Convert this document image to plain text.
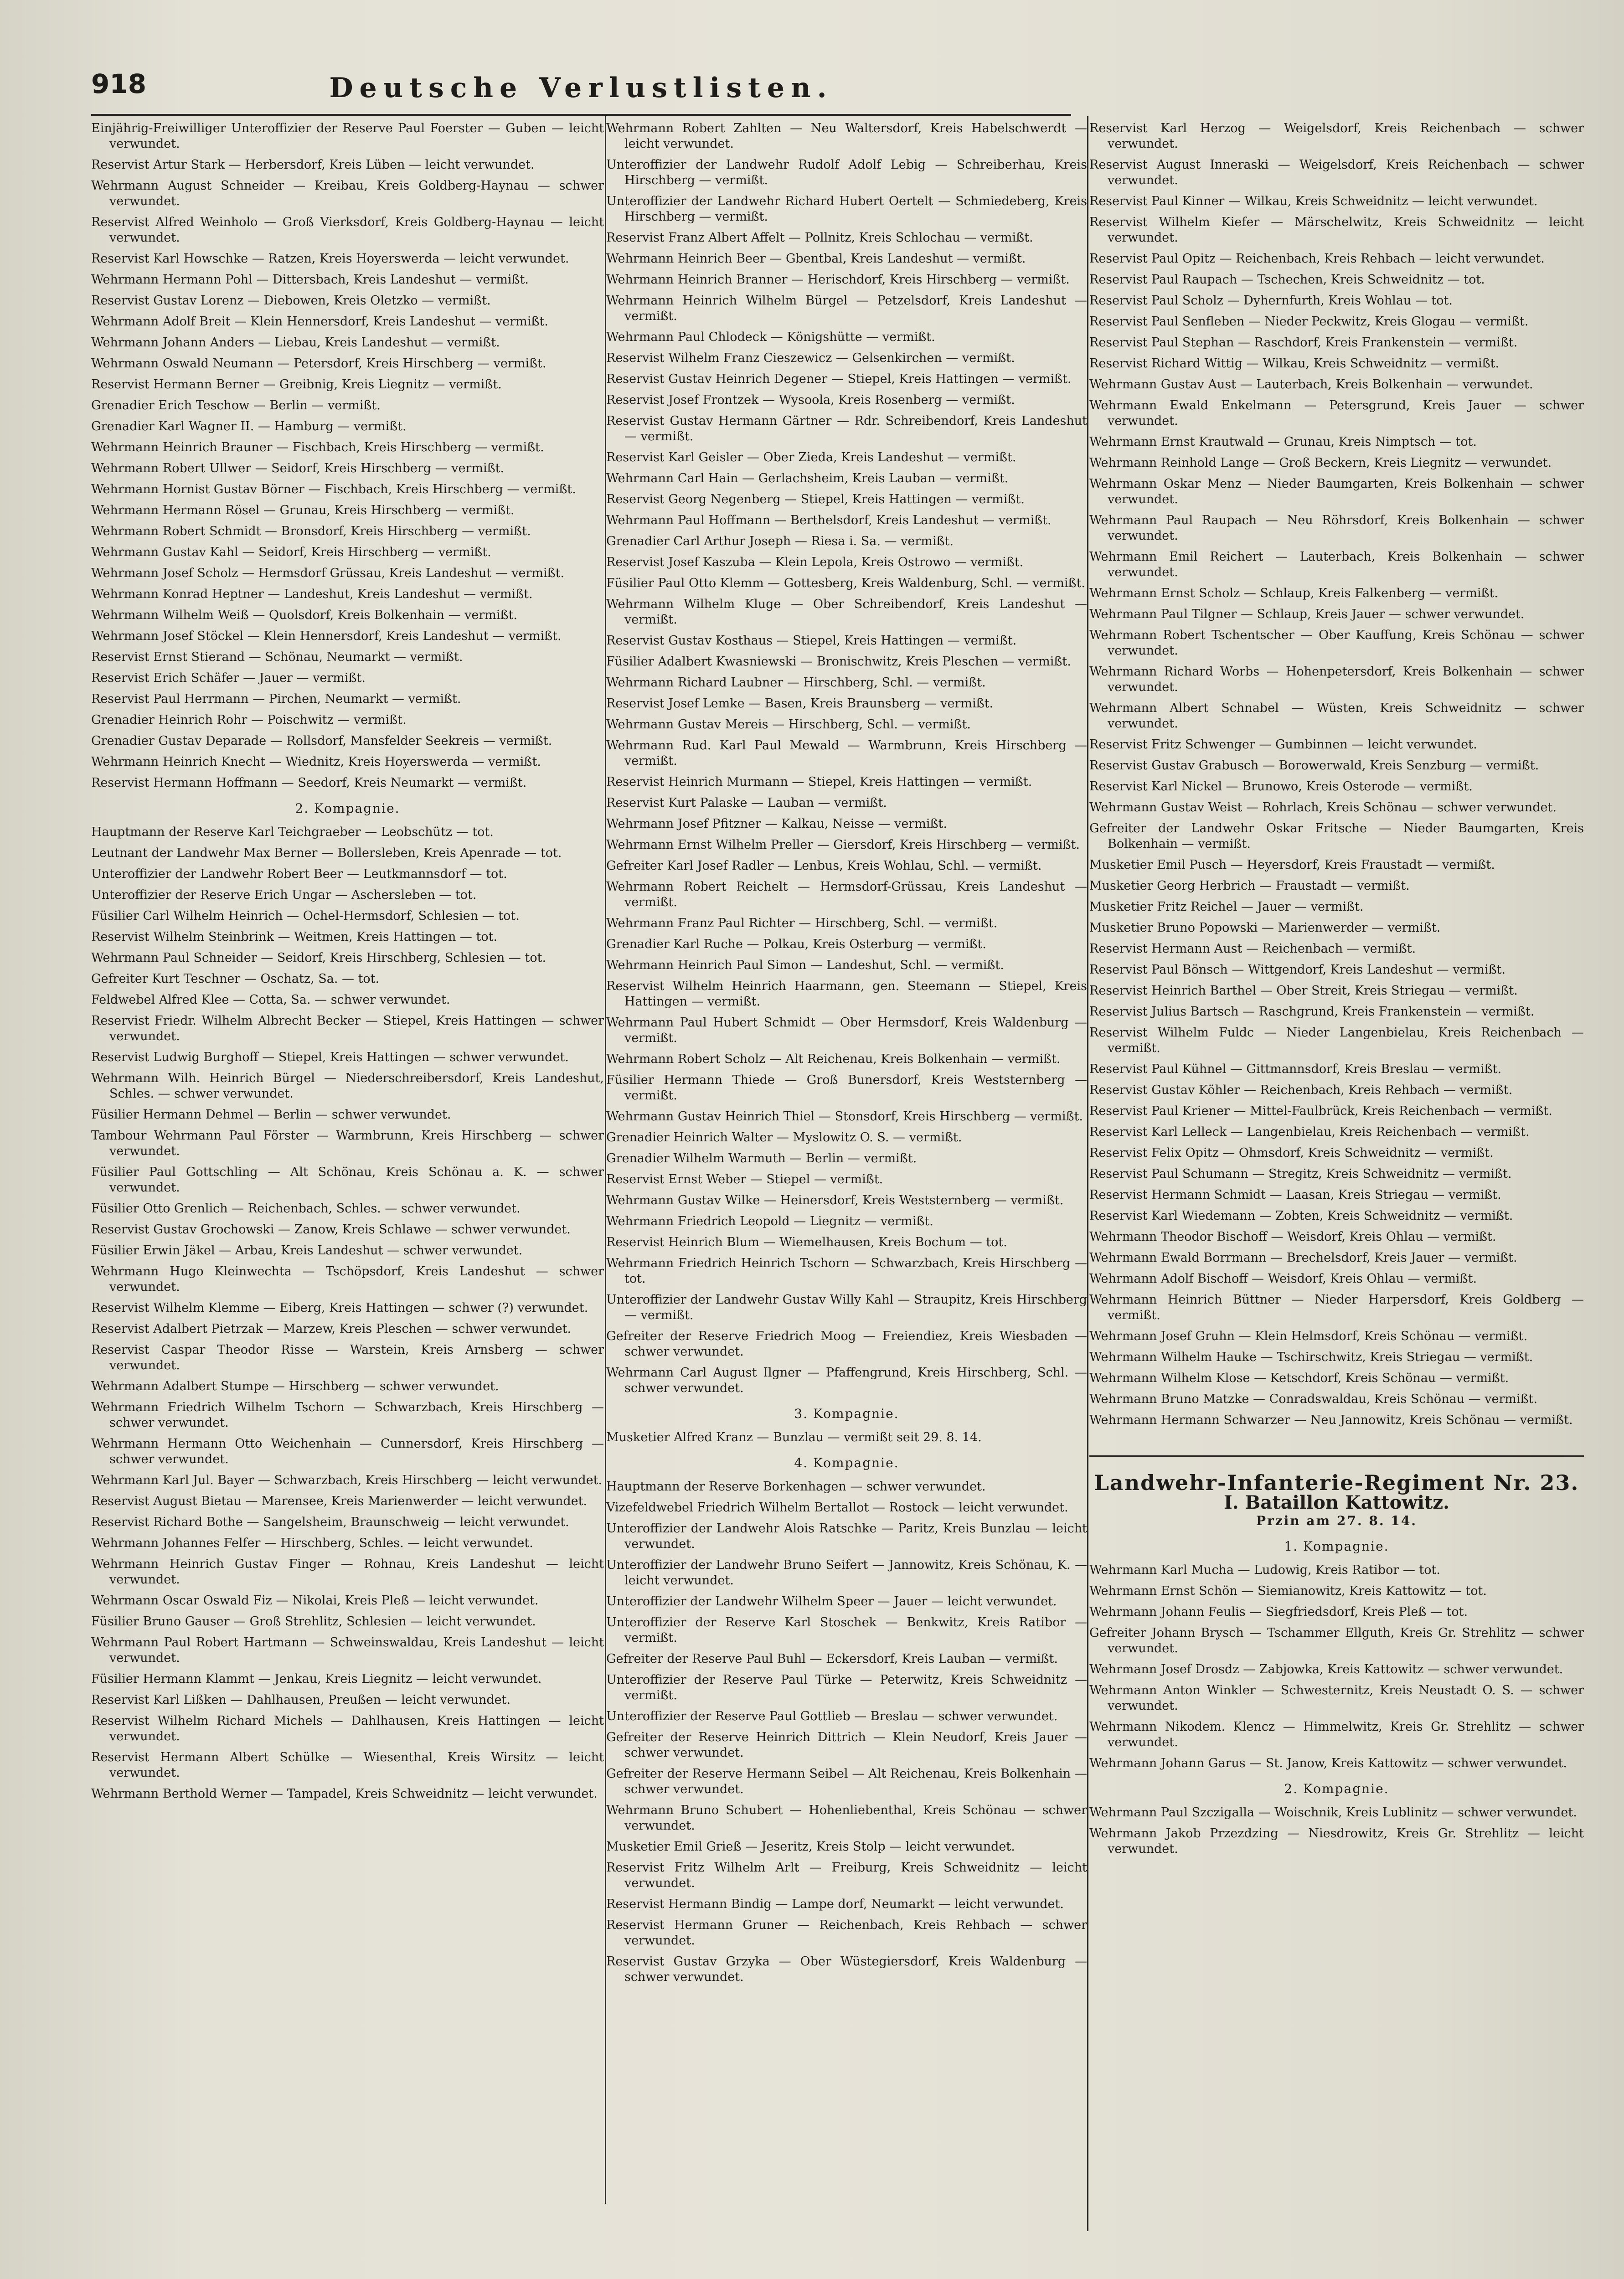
918	Deutsche Verlustlisten.
Einjährig-Freiwilliger Unteroffizier der Reserve Paul Foerster — Guben — leicht verwundet.
Reservist Artur Stark — Herbersdorf, Kreis Lüben — leicht verwundet.
Wehrmann August Schneider — Kreibau, Kreis Goldberg-Haynau — schwer verwundet.
Reservist Alfred Weinholo — Groß Vierksdorf, Kreis Goldberg-Haynau — leicht verwundet.
Reservist Karl Howschke — Ratzen, Kreis Hoyerswerda — leicht verwundet.
Wehrmann Hermann Pohl — Dittersbach, Kreis Landeshut — vermißt.
Reservist Gustav Lorenz — Diebowen, Kreis Oletzko — vermißt.
Wehrmann Adolf Breit — Klein Hennersdorf, Kreis Landeshut — vermißt.
Wehrmann Johann Anders — Liebau, Kreis Landeshut — vermißt.
Wehrmann Oswald Neumann — Petersdorf, Kreis Hirschberg — vermißt.
Reservist Hermann Berner — Greibnig, Kreis Liegnitz — vermißt.
Grenadier Erich Teschow — Berlin — vermißt.
Grenadier Karl Wagner II. — Hamburg — vermißt.
Wehrmann Heinrich Brauner — Fischbach, Kreis Hirschberg — vermißt.
Wehrmann Robert Ullwer — Seidorf, Kreis Hirschberg — vermißt.
Wehrmann Hornist Gustav Börner — Fischbach, Kreis Hirschberg — vermißt.
Wehrmann Hermann Rösel — Grunau, Kreis Hirschberg — vermißt.
Wehrmann Robert Schmidt — Bronsdorf, Kreis Hirschberg — vermißt.
Wehrmann Gustav Kahl — Seidorf, Kreis Hirschberg — vermißt.
Wehrmann Josef Scholz — Hermsdorf Grüssau, Kreis Landeshut — vermißt.
Wehrmann Konrad Heptner — Landeshut, Kreis Landeshut — vermißt.
Wehrmann Wilhelm Weiß — Quolsdorf, Kreis Bolkenhain — vermißt.
Wehrmann Josef Stöckel — Klein Hennersdorf, Kreis Landeshut — vermißt.
Reservist Ernst Stierand — Schönau, Neumarkt — vermißt.
Reservist Erich Schäfer — Jauer — vermißt.
Reservist Paul Herrmann — Pirchen, Neumarkt — vermißt.
Grenadier Heinrich Rohr — Poischwitz — vermißt.
Grenadier Gustav Deparade — Rollsdorf, Mansfelder Seekreis — vermißt.
Wehrmann Heinrich Knecht — Wiednitz, Kreis Hoyerswerda — vermißt.
Reservist Hermann Hoffmann — Seedorf, Kreis Neumarkt — vermißt.
2. Kompagnie.
Hauptmann der Reserve Karl Teichgraeber — Leobschütz — tot.
Leutnant der Landwehr Max Berner — Bollersleben, Kreis Apenrade — tot.
Unteroffizier der Landwehr Robert Beer — Leutkmannsdorf — tot.
Unteroffizier der Reserve Erich Ungar — Aschersleben — tot.
Füsilier Carl Wilhelm Heinrich — Ochel-Hermsdorf, Schlesien — tot.
Reservist Wilhelm Steinbrink — Weitmen, Kreis Hattingen — tot.
Wehrmann Paul Schneider — Seidorf, Kreis Hirschberg, Schlesien — tot.
Gefreiter Kurt Teschner — Oschatz, Sa. — tot.
Feldwebel Alfred Klee — Cotta, Sa. — schwer verwundet.
Reservist Friedr. Wilhelm Albrecht Becker — Stiepel, Kreis Hattingen — schwer verwundet.
Reservist Ludwig Burghoff — Stiepel, Kreis Hattingen — schwer verwundet.
Wehrmann Wilh. Heinrich Bürgel — Niederschreibersdorf, Kreis Landeshut, Schles. — schwer verwundet.
Füsilier Hermann Dehmel — Berlin — schwer verwundet.
Tambour Wehrmann Paul Förster — Warmbrunn, Kreis Hirschberg — schwer verwundet.
Füsilier Paul Gottschling — Alt Schönau, Kreis Schönau a. K. — schwer verwundet.
Füsilier Otto Grenlich — Reichenbach, Schles. — schwer verwundet.
Reservist Gustav Grochowski — Zanow, Kreis Schlawe — schwer verwundet.
Füsilier Erwin Jäkel — Arbau, Kreis Landeshut — schwer verwundet.
Wehrmann Hugo Kleinwechta — Tschöpsdorf, Kreis Landeshut — schwer verwundet.
Reservist Wilhelm Klemme — Eiberg, Kreis Hattingen — schwer (?) verwundet.
Reservist Adalbert Pietrzak — Marzew, Kreis Pleschen — schwer verwundet.
Reservist Caspar Theodor Risse — Warstein, Kreis Arnsberg — schwer verwundet.
Wehrmann Adalbert Stumpe — Hirschberg — schwer verwundet.
Wehrmann Friedrich Wilhelm Tschorn — Schwarzbach, Kreis Hirschberg — schwer verwundet.
Wehrmann Hermann Otto Weichenhain — Cunnersdorf, Kreis Hirschberg — schwer verwundet.
Wehrmann Karl Jul. Bayer — Schwarzbach, Kreis Hirschberg — leicht verwundet.
Reservist August Bietau — Marensee, Kreis Marienwerder — leicht verwundet.
Reservist Richard Bothe — Sangelsheim, Braunschweig — leicht verwundet.
Wehrmann Johannes Felfer — Hirschberg, Schles. — leicht verwundet.
Wehrmann Heinrich Gustav Finger — Rohnau, Kreis Landeshut — leicht verwundet.
Wehrmann Oscar Oswald Fiz — Nikolai, Kreis Pleß — leicht verwundet.
Füsilier Bruno Gauser — Groß Strehlitz, Schlesien — leicht verwundet.
Wehrmann Paul Robert Hartmann — Schweinswaldau, Kreis Landeshut — leicht verwundet.
Füsilier Hermann Klammt — Jenkau, Kreis Liegnitz — leicht verwundet.
Reservist Karl Lißken — Dahlhausen, Preußen — leicht verwundet.
Reservist Wilhelm Richard Michels — Dahlhausen, Kreis Hattingen — leicht verwundet.
Reservist Hermann Albert Schülke — Wiesenthal, Kreis Wirsitz — leicht verwundet.
Wehrmann Berthold Werner — Tampadel, Kreis Schweidnitz — leicht verwundet.
Wehrmann Robert Zahlten — Neu Waltersdorf, Kreis Habelschwerdt — leicht verwundet.
Unteroffizier der Landwehr Rudolf Adolf Lebig — Schreiberhau, Kreis Hirschberg — vermißt.
Unteroffizier der Landwehr Richard Hubert Oertelt — Schmiedeberg, Kreis Hirschberg — vermißt.
Reservist Franz Albert Affelt — Pollnitz, Kreis Schlochau — vermißt.
Wehrmann Heinrich Beer — Gbentbal, Kreis Landeshut — vermißt.
Wehrmann Heinrich Branner — Herischdorf, Kreis Hirschberg — vermißt.
Wehrmann Heinrich Wilhelm Bürgel — Petzelsdorf, Kreis Landeshut — vermißt.
Wehrmann Paul Chlodeck — Königshütte — vermißt.
Reservist Wilhelm Franz Cieszewicz — Gelsenkirchen — vermißt.
Reservist Gustav Heinrich Degener — Stiepel, Kreis Hattingen — vermißt.
Reservist Josef Frontzek — Wysoola, Kreis Rosenberg — vermißt.
Reservist Gustav Hermann Gärtner — Rdr. Schreibendorf, Kreis Landeshut — vermißt.
Reservist Karl Geisler — Ober Zieda, Kreis Landeshut — vermißt.
Wehrmann Carl Hain — Gerlachsheim, Kreis Lauban — vermißt.
Reservist Georg Negenberg — Stiepel, Kreis Hattingen — vermißt.
Wehrmann Paul Hoffmann — Berthelsdorf, Kreis Landeshut — vermißt.
Grenadier Carl Arthur Joseph — Riesa i. Sa. — vermißt.
Reservist Josef Kaszuba — Klein Lepola, Kreis Ostrowo — vermißt.
Füsilier Paul Otto Klemm — Gottesberg, Kreis Waldenburg, Schl. — vermißt.
Wehrmann Wilhelm Kluge — Ober Schreibendorf, Kreis Landeshut — vermißt.
Reservist Gustav Kosthaus — Stiepel, Kreis Hattingen — vermißt.
Füsilier Adalbert Kwasniewski — Bronischwitz, Kreis Pleschen — vermißt.
Wehrmann Richard Laubner — Hirschberg, Schl. — vermißt.
Reservist Josef Lemke — Basen, Kreis Braunsberg — vermißt.
Wehrmann Gustav Mereis — Hirschberg, Schl. — vermißt.
Wehrmann Rud. Karl Paul Mewald — Warmbrunn, Kreis Hirschberg — vermißt.
Reservist Heinrich Murmann — Stiepel, Kreis Hattingen — vermißt.
Reservist Kurt Palaske — Lauban — vermißt.
Wehrmann Josef Pfitzner — Kalkau, Neisse — vermißt.
Wehrmann Ernst Wilhelm Preller — Giersdorf, Kreis Hirschberg — vermißt.
Gefreiter Karl Josef Radler — Lenbus, Kreis Wohlau, Schl. — vermißt.
Wehrmann Robert Reichelt — Hermsdorf-Grüssau, Kreis Landeshut — vermißt.
Wehrmann Franz Paul Richter — Hirschberg, Schl. — vermißt.
Grenadier Karl Ruche — Polkau, Kreis Osterburg — vermißt.
Wehrmann Heinrich Paul Simon — Landeshut, Schl. — vermißt.
Reservist Wilhelm Heinrich Haarmann, gen. Steemann — Stiepel, Kreis Hattingen — vermißt.
Wehrmann Paul Hubert Schmidt — Ober Hermsdorf, Kreis Waldenburg — vermißt.
Wehrmann Robert Scholz — Alt Reichenau, Kreis Bolkenhain — vermißt.
Füsilier Hermann Thiede — Groß Bunersdorf, Kreis Weststernberg — vermißt.
Wehrmann Gustav Heinrich Thiel — Stonsdorf, Kreis Hirschberg — vermißt.
Grenadier Heinrich Walter — Myslowitz O. S. — vermißt.
Grenadier Wilhelm Warmuth — Berlin — vermißt.
Reservist Ernst Weber — Stiepel — vermißt.
Wehrmann Gustav Wilke — Heinersdorf, Kreis Weststernberg — vermißt.
Wehrmann Friedrich Leopold — Liegnitz — vermißt.
Reservist Heinrich Blum — Wiemelhausen, Kreis Bochum — tot.
Wehrmann Friedrich Heinrich Tschorn — Schwarzbach, Kreis Hirschberg — tot.
Unteroffizier der Landwehr Gustav Willy Kahl — Straupitz, Kreis Hirschberg — vermißt.
Gefreiter der Reserve Friedrich Moog — Freiendiez, Kreis Wiesbaden — schwer verwundet.
Wehrmann Carl August Ilgner — Pfaffengrund, Kreis Hirschberg, Schl. — schwer verwundet.
3. Kompagnie.
Musketier Alfred Kranz — Bunzlau — vermißt seit 29. 8. 14.
4. Kompagnie.
Hauptmann der Reserve Borkenhagen — schwer verwundet.
Vizefeldwebel Friedrich Wilhelm Bertallot — Rostock — leicht verwundet.
Unteroffizier der Landwehr Alois Ratschke — Paritz, Kreis Bunzlau — leicht verwundet.
Unteroffizier der Landwehr Bruno Seifert — Jannowitz, Kreis Schönau, K. — leicht verwundet.
Unteroffizier der Landwehr Wilhelm Speer — Jauer — leicht verwundet.
Unteroffizier der Reserve Karl Stoschek — Benkwitz, Kreis Ratibor — vermißt.
Gefreiter der Reserve Paul Buhl — Eckersdorf, Kreis Lauban — vermißt.
Unteroffizier der Reserve Paul Türke — Peterwitz, Kreis Schweidnitz — vermißt.
Unteroffizier der Reserve Paul Gottlieb — Breslau — schwer verwundet.
Gefreiter der Reserve Heinrich Dittrich — Klein Neudorf, Kreis Jauer — schwer verwundet.
Gefreiter der Reserve Hermann Seibel — Alt Reichenau, Kreis Bolkenhain — schwer verwundet.
Wehrmann Bruno Schubert — Hohenliebenthal, Kreis Schönau — schwer verwundet.
Musketier Emil Grieß — Jeseritz, Kreis Stolp — leicht verwundet.
Reservist Fritz Wilhelm Arlt — Freiburg, Kreis Schweidnitz — leicht verwundet.
Reservist Hermann Bindig — Lampe dorf, Neumarkt — leicht verwundet.
Reservist Hermann Gruner — Reichenbach, Kreis Rehbach — schwer verwundet.
Reservist Gustav Grzyka — Ober Wüstegiersdorf, Kreis Waldenburg — schwer verwundet.
Reservist Karl Herzog — Weigelsdorf, Kreis Reichenbach — schwer verwundet.
Reservist August Inneraski — Weigelsdorf, Kreis Reichenbach — schwer verwundet.
Reservist Paul Kinner — Wilkau, Kreis Schweidnitz — leicht verwundet.
Reservist Wilhelm Kiefer — Märschelwitz, Kreis Schweidnitz — leicht verwundet.
Reservist Paul Opitz — Reichenbach, Kreis Rehbach — leicht verwundet.
Reservist Paul Raupach — Tschechen, Kreis Schweidnitz — tot.
Reservist Paul Scholz — Dyhernfurth, Kreis Wohlau — tot.
Reservist Paul Senfleben — Nieder Peckwitz, Kreis Glogau — vermißt.
Reservist Paul Stephan — Raschdorf, Kreis Frankenstein — vermißt.
Reservist Richard Wittig — Wilkau, Kreis Schweidnitz — vermißt.
Wehrmann Gustav Aust — Lauterbach, Kreis Bolkenhain — verwundet.
Wehrmann Ewald Enkelmann — Petersgrund, Kreis Jauer — schwer verwundet.
Wehrmann Ernst Krautwald — Grunau, Kreis Nimptsch — tot.
Wehrmann Reinhold Lange — Groß Beckern, Kreis Liegnitz — verwundet.
Wehrmann Oskar Menz — Nieder Baumgarten, Kreis Bolkenhain — schwer verwundet.
Wehrmann Paul Raupach — Neu Röhrsdorf, Kreis Bolkenhain — schwer verwundet.
Wehrmann Emil Reichert — Lauterbach, Kreis Bolkenhain — schwer verwundet.
Wehrmann Ernst Scholz — Schlaup, Kreis Falkenberg — vermißt.
Wehrmann Paul Tilgner — Schlaup, Kreis Jauer — schwer verwundet.
Wehrmann Robert Tschentscher — Ober Kauffung, Kreis Schönau — schwer verwundet.
Wehrmann Richard Worbs — Hohenpetersdorf, Kreis Bolkenhain — schwer verwundet.
Wehrmann Albert Schnabel — Wüsten, Kreis Schweidnitz — schwer verwundet.
Reservist Fritz Schwenger — Gumbinnen — leicht verwundet.
Reservist Gustav Grabusch — Borowerwald, Kreis Senzburg — vermißt.
Reservist Karl Nickel — Brunowo, Kreis Osterode — vermißt.
Wehrmann Gustav Weist — Rohrlach, Kreis Schönau — schwer verwundet.
Gefreiter der Landwehr Oskar Fritsche — Nieder Baumgarten, Kreis Bolkenhain — vermißt.
Musketier Emil Pusch — Heyersdorf, Kreis Fraustadt — vermißt.
Musketier Georg Herbrich — Fraustadt — vermißt.
Musketier Fritz Reichel — Jauer — vermißt.
Musketier Bruno Popowski — Marienwerder — vermißt.
Reservist Hermann Aust — Reichenbach — vermißt.
Reservist Paul Bönsch — Wittgendorf, Kreis Landeshut — vermißt.
Reservist Heinrich Barthel — Ober Streit, Kreis Striegau — vermißt.
Reservist Julius Bartsch — Raschgrund, Kreis Frankenstein — vermißt.
Reservist Wilhelm Fuldc — Nieder Langenbielau, Kreis Reichenbach — vermißt.
Reservist Paul Kühnel — Gittmannsdorf, Kreis Breslau — vermißt.
Reservist Gustav Köhler — Reichenbach, Kreis Rehbach — vermißt.
Reservist Paul Kriener — Mittel-Faulbrück, Kreis Reichenbach — vermißt.
Reservist Karl Lelleck — Langenbielau, Kreis Reichenbach — vermißt.
Reservist Felix Opitz — Ohmsdorf, Kreis Schweidnitz — vermißt.
Reservist Paul Schumann — Stregitz, Kreis Schweidnitz — vermißt.
Reservist Hermann Schmidt — Laasan, Kreis Striegau — vermißt.
Reservist Karl Wiedemann — Zobten, Kreis Schweidnitz — vermißt.
Wehrmann Theodor Bischoff — Weisdorf, Kreis Ohlau — vermißt.
Wehrmann Ewald Borrmann — Brechelsdorf, Kreis Jauer — vermißt.
Wehrmann Adolf Bischoff — Weisdorf, Kreis Ohlau — vermißt.
Wehrmann Heinrich Büttner — Nieder Harpersdorf, Kreis Goldberg — vermißt.
Wehrmann Josef Gruhn — Klein Helmsdorf, Kreis Schönau — vermißt.
Wehrmann Wilhelm Hauke — Tschirschwitz, Kreis Striegau — vermißt.
Wehrmann Wilhelm Klose — Ketschdorf, Kreis Schönau — vermißt.
Wehrmann Bruno Matzke — Conradswaldau, Kreis Schönau — vermißt.
Wehrmann Hermann Schwarzer — Neu Jannowitz, Kreis Schönau — vermißt.
Landwehr-Infanterie-Regiment Nr. 23.
I. Bataillon Kattowitz.
Przin am 27. 8. 14.
1. Kompagnie.
Wehrmann Karl Mucha — Ludowig, Kreis Ratibor — tot.
Wehrmann Ernst Schön — Siemianowitz, Kreis Kattowitz — tot.
Wehrmann Johann Feulis — Siegfriedsdorf, Kreis Pleß — tot.
Gefreiter Johann Brysch — Tschammer Ellguth, Kreis Gr. Strehlitz — schwer verwundet.
Wehrmann Josef Drosdz — Zabjowka, Kreis Kattowitz — schwer verwundet.
Wehrmann Anton Winkler — Schwesternitz, Kreis Neustadt O. S. — schwer verwundet.
Wehrmann Nikodem. Klencz — Himmelwitz, Kreis Gr. Strehlitz — schwer verwundet.
Wehrmann Johann Garus — St. Janow, Kreis Kattowitz — schwer verwundet.
2. Kompagnie.
Wehrmann Paul Szczigalla — Woischnik, Kreis Lublinitz — schwer verwundet.
Wehrmann Jakob Przezdzing — Niesdrowitz, Kreis Gr. Strehlitz — leicht verwundet.
